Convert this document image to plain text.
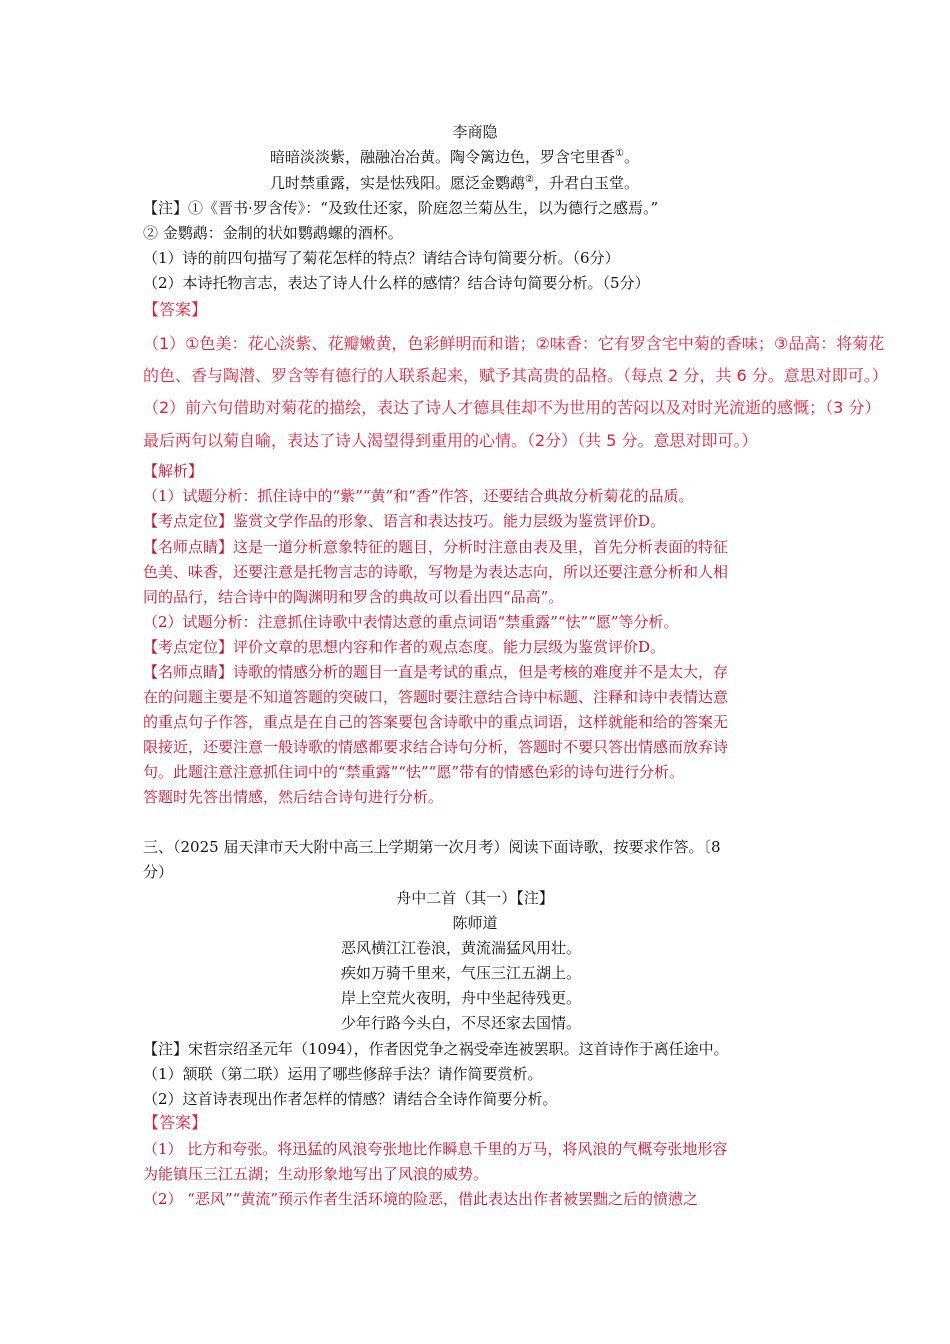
李商隐
暗暗淡淡紫，融融冶冶黄。陶令篱边色，罗含宅里香①。
几时禁重露，实是怯残阳。愿泛金鹦鹉②，升君白玉堂。
【注】①《晋书·罗含传》：“及致仕还家，阶庭忽兰菊丛生，以为德行之感焉。”
② 金鹦鹉：金制的状如鹦鹉螺的酒杯。
（1）诗的前四句描写了菊花怎样的特点？请结合诗句简要分析。（6分）
（2）本诗托物言志，表达了诗人什么样的感情？结合诗句简要分析。（5分）
【答案】
（1）①色美：花心淡紫、花瓣嫩黄，色彩鲜明而和谐；②味香：它有罗含宅中菊的香味；③品高：将菊花
的色、香与陶潜、罗含等有德行的人联系起来，赋予其高贵的品格。（每点 2 分，共 6 分。意思对即可。）
（2）前六句借助对菊花的描绘，表达了诗人才德具佳却不为世用的苦闷以及对时光流逝的感慨；（3 分）
最后两句以菊自喻，表达了诗人渴望得到重用的心情。（2分）（共 5 分。意思对即可。）
【解析】
（1）试题分析：抓住诗中的“紫”“黄”和“香”作答，还要结合典故分析菊花的品质。
【考点定位】鉴赏文学作品的形象、语言和表达技巧。能力层级为鉴赏评价D。
【名师点睛】这是一道分析意象特征的题目，分析时注意由表及里，首先分析表面的特征
色美、味香，还要注意是托物言志的诗歌，写物是为表达志向，所以还要注意分析和人相
同的品行，结合诗中的陶渊明和罗含的典故可以看出四“品高”。
（2）试题分析：注意抓住诗歌中表情达意的重点词语“禁重露”“怯”“愿”等分析。
【考点定位】评价文章的思想内容和作者的观点态度。能力层级为鉴赏评价D。
【名师点睛】诗歌的情感分析的题目一直是考试的重点，但是考核的难度并不是太大，存
在的问题主要是不知道答题的突破口，答题时要注意结合诗中标题、注释和诗中表情达意
的重点句子作答，重点是在自己的答案要包含诗歌中的重点词语，这样就能和给的答案无
限接近，还要注意一般诗歌的情感都要求结合诗句分析，答题时不要只答出情感而放弃诗
句。此题注意注意抓住词中的“禁重露”“怯”“愿”带有的情感色彩的诗句进行分析。
答题时先答出情感，然后结合诗句进行分析。
三、（2025 届天津市天大附中高三上学期第一次月考）阅读下面诗歌，按要求作答。〔8
分）
舟中二首（其一）【注】
陈师道
恶风横江江卷浪，黄流湍猛风用壮。
疾如万骑千里来，气压三江五湖上。
岸上空荒火夜明，舟中坐起待残更。
少年行路今头白，不尽还家去国情。
【注】宋哲宗绍圣元年（1094），作者因党争之祸受牵连被罢职。这首诗作于离任途中。
（1）颔联（第二联）运用了哪些修辞手法？请作简要赏析。
（2）这首诗表现出作者怎样的情感？请结合全诗作简要分析。
【答案】
（1） 比方和夸张。将迅猛的风浪夸张地比作瞬息千里的万马，将风浪的气概夸张地形容
为能镇压三江五湖；生动形象地写出了风浪的威势。
（2） “恶风”“黄流”预示作者生活环境的险恶，借此表达出作者被罢黜之后的愤懑之
